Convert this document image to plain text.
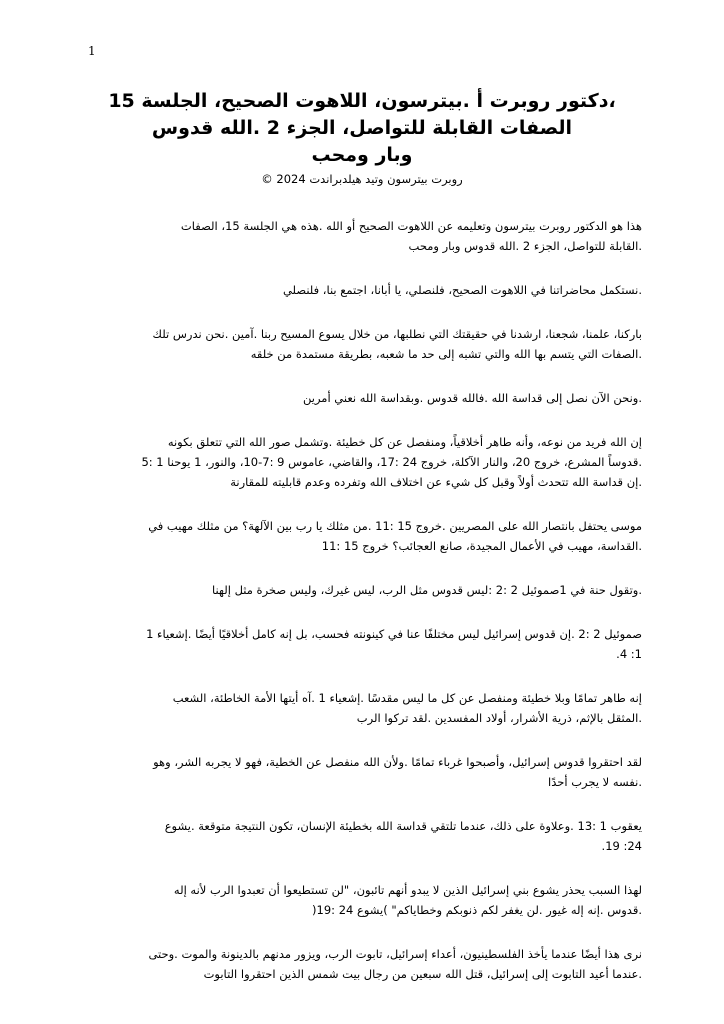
1
،دكتور روبرت أ .بيترسون، اللاهوت الصحيح، الجلسة 15
الصفات القابلة للتواصل، الجزء 2 .الله قدوس
وبار ومحب
روبرت بيترسون وتيد هيلدبراندت 2024 ©
هذا هو الدكتور روبرت بيترسون وتعليمه عن اللاهوت الصحيح أو الله .هذه هي الجلسة 15، الصفات
.القابلة للتواصل، الجزء 2 .الله قدوس وبار ومحب
.نستكمل محاضراتنا في اللاهوت الصحيح، فلنصلي، يا أبانا، اجتمع بنا، فلنصلي
باركنا، علمنا، شجعنا، ارشدنا في حقيقتك التي نطلبها، من خلال يسوع المسيح ربنا .آمين .نحن ندرس تلك
.الصفات التي يتسم بها الله والتي تشبه إلى حد ما شعبه، بطريقة مستمدة من خلقه
.ونحن الآن نصل إلى قداسة الله .فالله قدوس .وبقداسة الله نعني أمرين
إن الله فريد من نوعه، وأنه طاهر أخلاقياً، ومنفصل عن كل خطيئة .وتشمل صور الله التي تتعلق بكونه
.قدوساً المشرع، خروج 20، والنار الآكلة، خروج 24 :17، والقاضي، عاموس 9 :7-10، والنور، 1 يوحنا 1 :5
.إن قداسة الله تتحدث أولاً وقبل كل شيء عن اختلاف الله وتفرده وعدم قابليته للمقارنة
موسى يحتفل بانتصار الله على المصريين .خروج 15 :11 .من مثلك يا رب بين الآلهة؟ من مثلك مهيب في
.القداسة، مهيب في الأعمال المجيدة، صانع العجائب؟ خروج 15 :11
.وتقول حنة في 1صموئيل 2 :2 :ليس قدوس مثل الرب، ليس غيرك، وليس صخرة مثل إلهنا
صموئيل 2 :2 .إن قدوس إسرائيل ليس مختلفًا عنا في كينونته فحسب، بل إنه كامل أخلاقيًا أيضًا .إشعياء 1
1: 4.
إنه طاهر تمامًا وبلا خطيئة ومنفصل عن كل ما ليس مقدسًا .إشعياء 1 .آه أيتها الأمة الخاطئة، الشعب
.المثقل بالإثم، ذرية الأشرار، أولاد المفسدين .لقد تركوا الرب
لقد احتقروا قدوس إسرائيل، وأصبحوا غرباء تمامًا .ولأن الله منفصل عن الخطية، فهو لا يجربه الشر، وهو
.نفسه لا يجرب أحدًا
يعقوب 1 :13 .وعلاوة على ذلك، عندما تلتقي قداسة الله بخطيئة الإنسان، تكون النتيجة متوقعة .يشوع
24: 19.
لهذا السبب يحذر يشوع بني إسرائيل الذين لا يبدو أنهم تائبون، "لن تستطيعوا أن تعبدوا الرب لأنه إله
.قدوس .إنه إله غيور .لن يغفر لكم ذنوبكم وخطاياكم" )يشوع 24 :19(
نرى هذا أيضًا عندما يأخذ الفلسطينيون، أعداء إسرائيل، تابوت الرب، ويزور مدنهم بالدينونة والموت .وحتى
.عندما أعيد التابوت إلى إسرائيل، قتل الله سبعين من رجال بيت شمس الذين احتقروا التابوت
